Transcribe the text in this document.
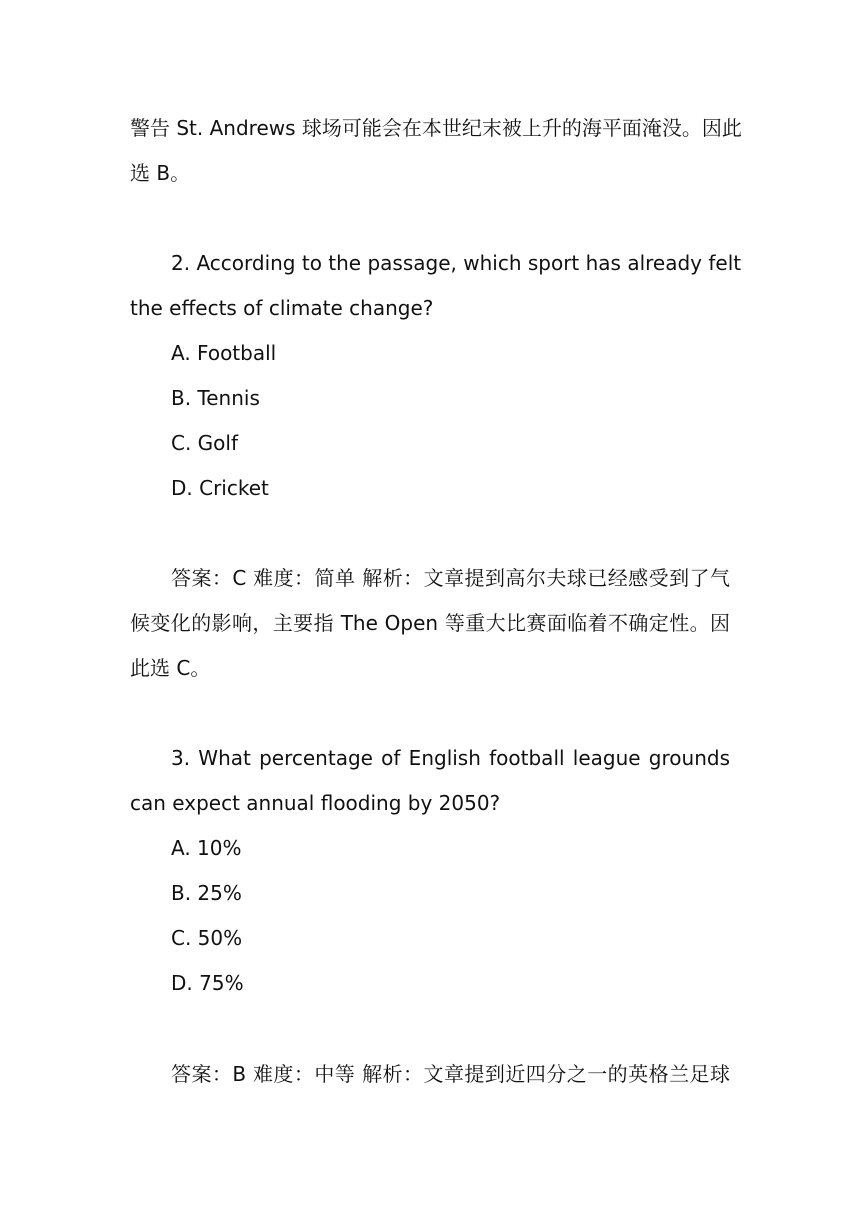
警告 St. Andrews 球场可能会在本世纪末被上升的海平面淹没。因此
选 B。
2. According to the passage, which sport has already felt
the effects of climate change?
A. Football
B. Tennis
C. Golf
D. Cricket
答案：C 难度：简单 解析：文章提到高尔夫球已经感受到了气
候变化的影响，主要指 The Open 等重大比赛面临着不确定性。因
此选 C。
3. What percentage of English football league grounds
can expect annual flooding by 2050?
A. 10%
B. 25%
C. 50%
D. 75%
答案：B 难度：中等 解析：文章提到近四分之一的英格兰足球
